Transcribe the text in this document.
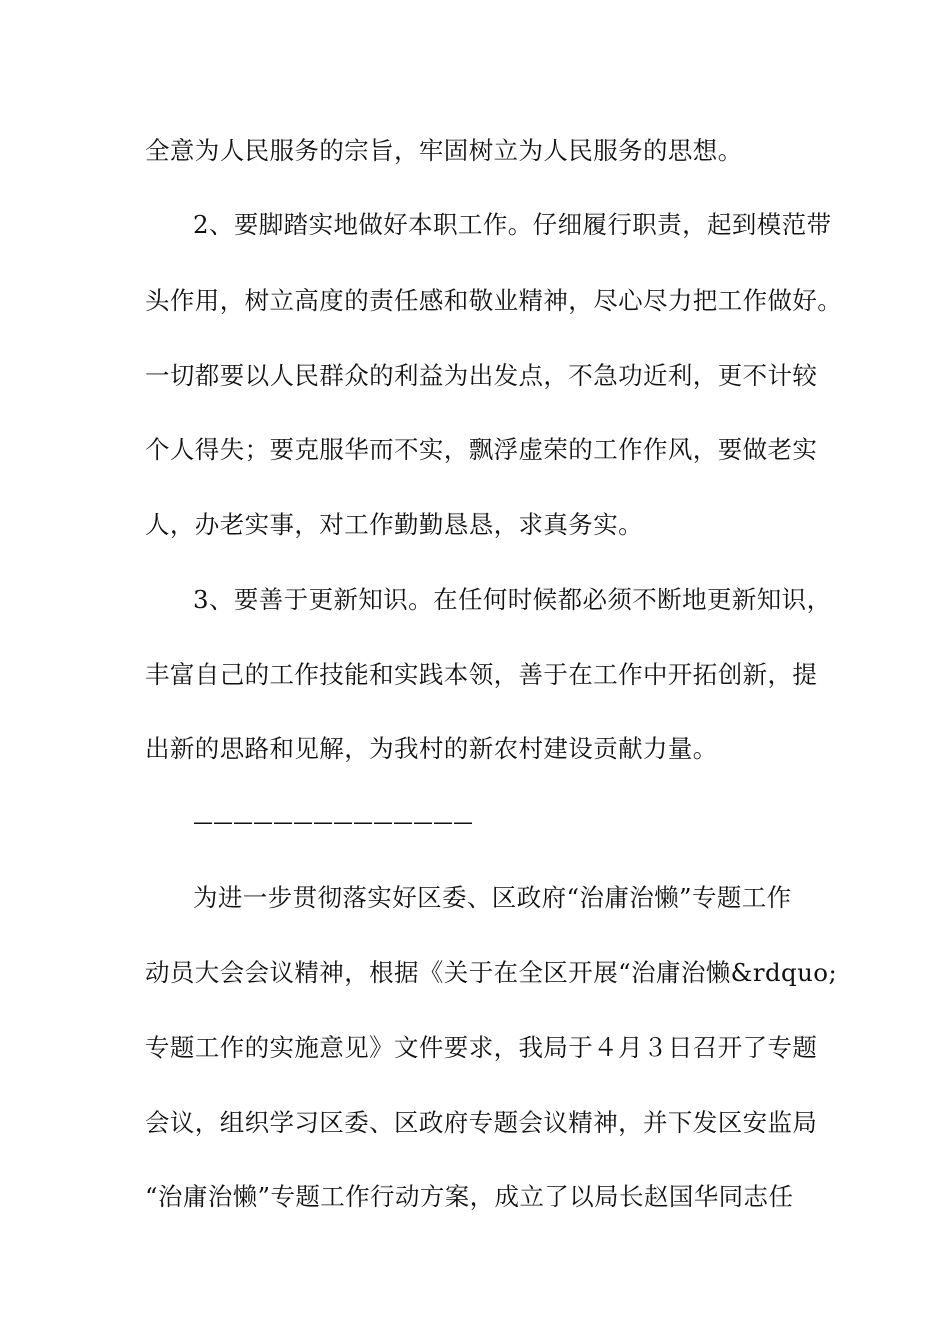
全意为人民服务的宗旨，牢固树立为人民服务的思想。
2、要脚踏实地做好本职工作。仔细履行职责，起到模范带
头作用，树立高度的责任感和敬业精神，尽心尽力把工作做好。
一切都要以人民群众的利益为出发点，不急功近利，更不计较
个人得失；要克服华而不实，飘浮虚荣的工作作风，要做老实
人，办老实事，对工作勤勤恳恳，求真务实。
3、要善于更新知识。在任何时候都必须不断地更新知识，
丰富自己的工作技能和实践本领，善于在工作中开拓创新，提
出新的思路和见解，为我村的新农村建设贡献力量。
——————————————
为进一步贯彻落实好区委、区政府“治庸治懒”专题工作
动员大会会议精神，根据《关于在全区开展“治庸治懒&rdquo;
专题工作的实施意见》文件要求，我局于４月３日召开了专题
会议，组织学习区委、区政府专题会议精神，并下发区安监局
“治庸治懒”专题工作行动方案，成立了以局长赵国华同志任
